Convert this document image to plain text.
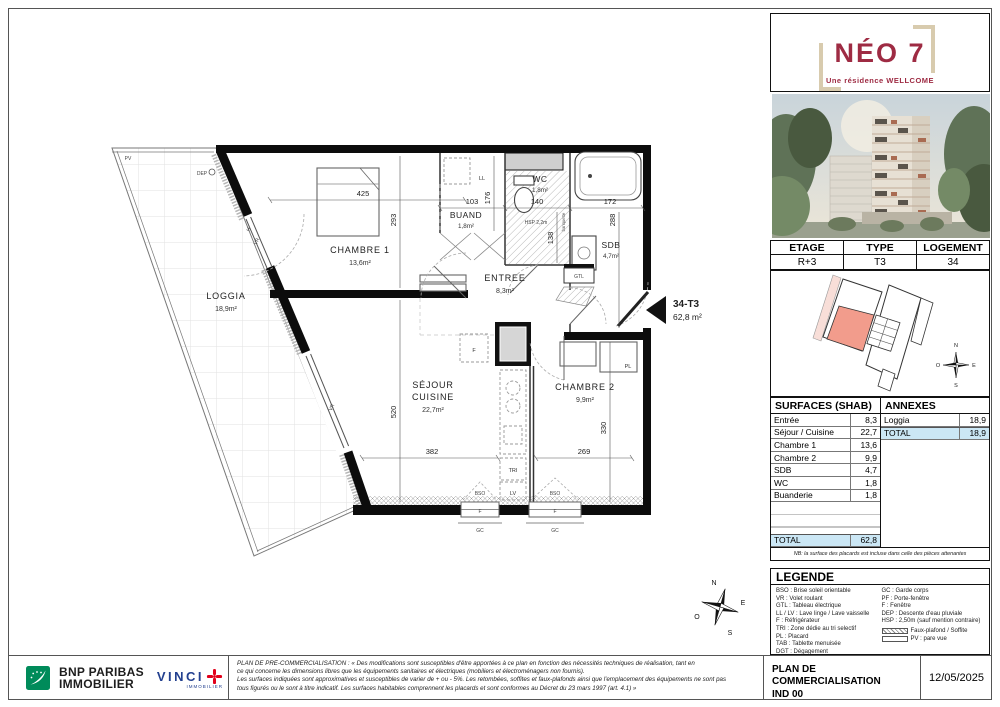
N
E
S
O
CHAMBRE 1
13,6m²
LOGGIA
18,9m²
ENTREE
8,3m²
WC
1,8m²
BUAND
1,8m²
SDB
4,7m²
SÉJOUR
CUISINE
22,7m²
CHAMBRE 2
9,9m²
34-T3
62,8 m²
425
293
520
103	140	172
176
138
288
382	269
330
LL
GTL
TRI
LV
PL
F
F	F
GC	GC
BSO	BSO
VR
H
VR
PV
DEP
HSP 2,2m	banquette
NÉO 7
Une résidence WELLCOME
ETAGE	TYPE	LOGEMENT
R+3	T3	34
N
E
S
O
SURFACES (SHAB)	ANNEXES
Entrée	8,3
Séjour / Cuisine	22,7
Chambre 1	13,6
Chambre 2	9,9
SDB	4,7
WC	1,8
Buanderie	1,8
TOTAL	62,8
Loggia	18,9
TOTAL	18,9
NB: la surface des placards est incluse dans celle des pièces attenantes
LEGENDE
BSO : Brise soleil orientable
VR : Volet roulant
GTL : Tableau électrique
LL / LV : Lave linge / Lave vaisselle
F : Réfrigérateur
TRI : Zone dédie au tri selectif
PL : Placard
TAB : Tablette menuisée
DGT : Dégagement
GC : Garde corps
PF : Porte-fenêtre
F : Fenêtre
DEP : Descente d'eau pluviale
HSP : 2,50m (sauf mention contraire)
Faux-plafond / Soffite
PV : pare vue
BNP PARIBAS
IMMOBILIER
VINCI
IMMOBILIER
PLAN DE PRÉ-COMMERCIALISATION : « Des modifications sont susceptibles d'être apportées à ce plan en fonction des nécessités techniques de réalisation, tant en
ce qui concerne les dimensions libres que les équipements sanitaires et électriques (mobiliers et électroménagers non fournis).
Les surfaces indiquées sont approximatives et susceptibles de varier de + ou - 5%. Les retombées, soffites et faux-plafonds ainsi que l'emplacement des équipements ne sont pas
tous figurés ou le sont à titre indicatif. Les surfaces habitables comprennent les placards et sont conformes au Décret du 23 mars 1997 (art. 4.1) »
PLAN DE COMMERCIALISATION
IND 00
12/05/2025
